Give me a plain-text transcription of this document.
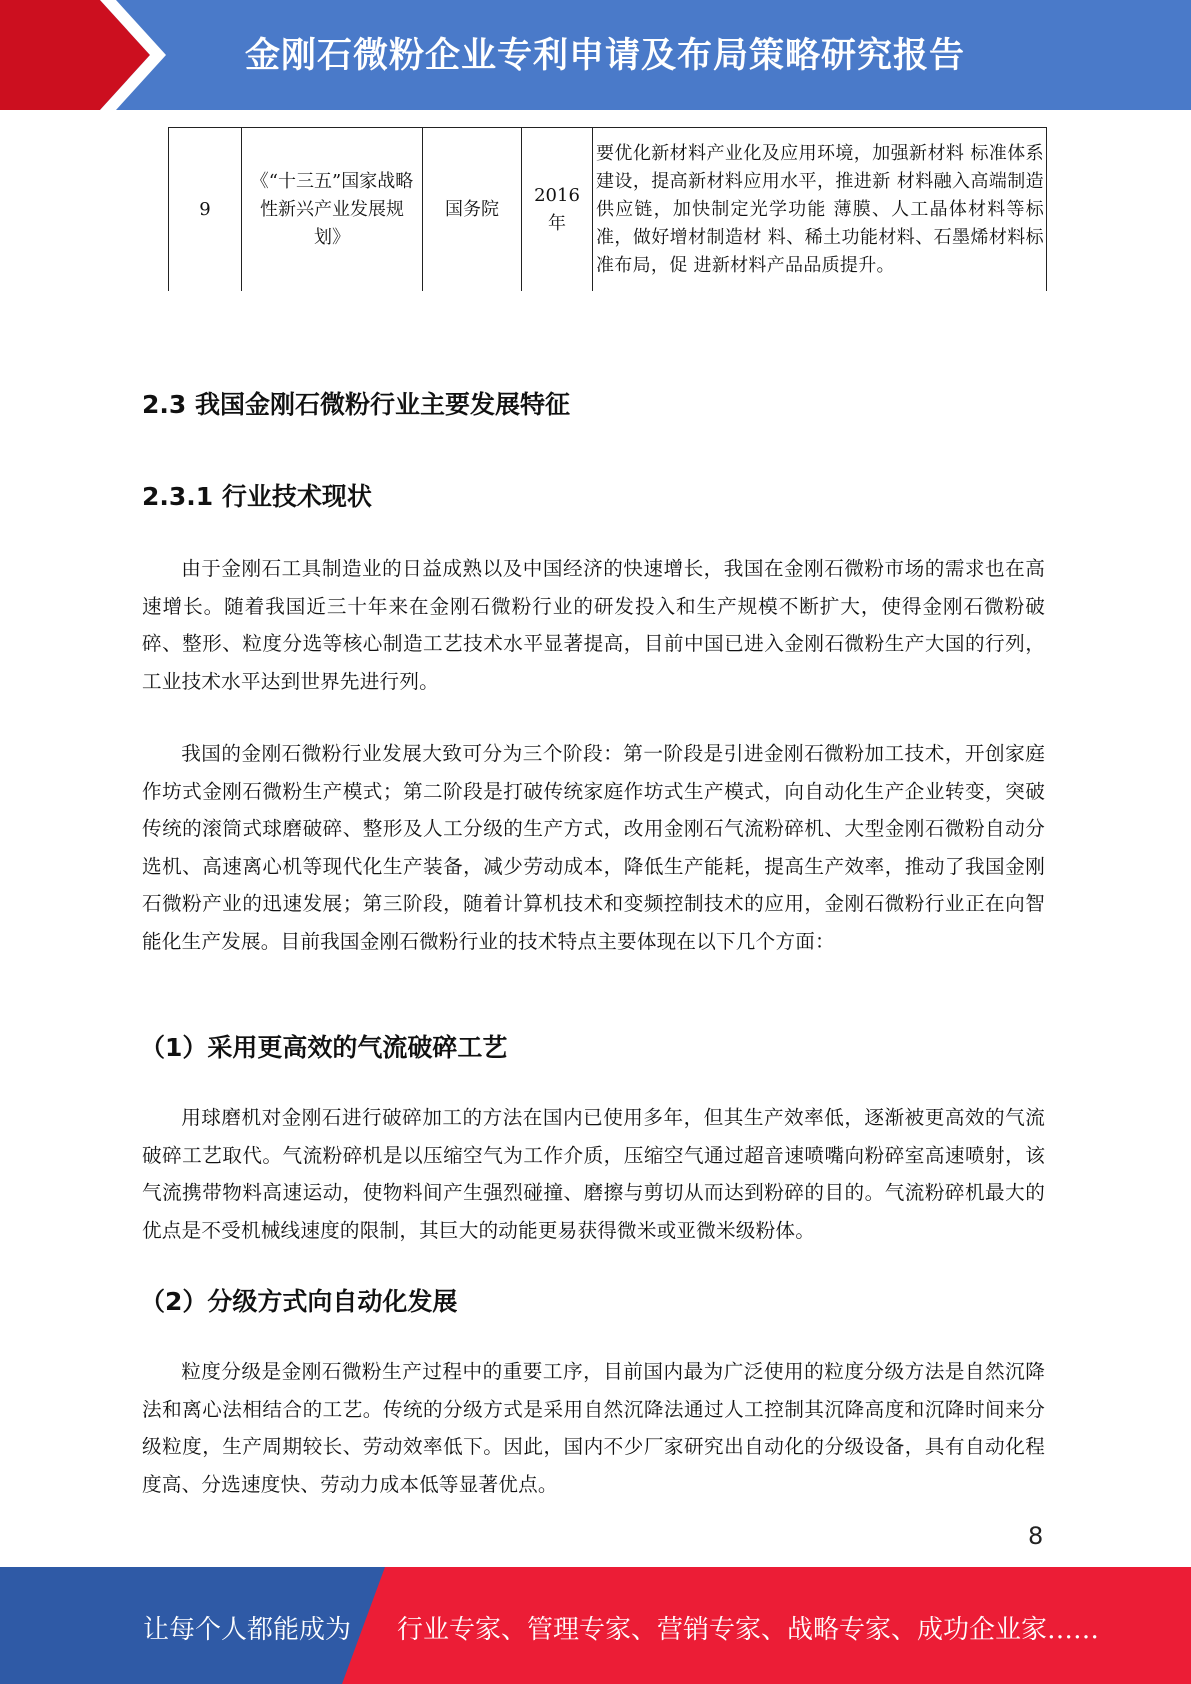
金刚石微粉企业专利申请及布局策略研究报告
9	《“十三五”国家战略性新兴产业发展规划》	国务院	2016年	要优化新材料产业化及应用环境，加强新材料 标准体系建设，提高新材料应用水平，推进新 材料融入高端制造供应链，加快制定光学功能 薄膜、人工晶体材料等标准，做好增材制造材 料、稀土功能材料、石墨烯材料标准布局，促 进新材料产品品质提升。
2.3 我国金刚石微粉行业主要发展特征
2.3.1 行业技术现状

由于金刚石工具制造业的日益成熟以及中国经济的快速增长，我国在金刚石微粉市场的需求也在高速增长。随着我国近三十年来在金刚石微粉行业的研发投入和生产规模不断扩大，使得金刚石微粉破碎、整形、粒度分选等核心制造工艺技术水平显著提高，目前中国已进入金刚石微粉生产大国的行列，工业技术水平达到世界先进行列。

我国的金刚石微粉行业发展大致可分为三个阶段：第一阶段是引进金刚石微粉加工技术，开创家庭作坊式金刚石微粉生产模式；第二阶段是打破传统家庭作坊式生产模式，向自动化生产企业转变，突破传统的滚筒式球磨破碎、整形及人工分级的生产方式，改用金刚石气流粉碎机、大型金刚石微粉自动分选机、高速离心机等现代化生产装备，减少劳动成本，降低生产能耗，提高生产效率，推动了我国金刚石微粉产业的迅速发展；第三阶段，随着计算机技术和变频控制技术的应用，金刚石微粉行业正在向智能化生产发展。目前我国金刚石微粉行业的技术特点主要体现在以下几个方面：

（1）采用更高效的气流破碎工艺

用球磨机对金刚石进行破碎加工的方法在国内已使用多年，但其生产效率低，逐渐被更高效的气流破碎工艺取代。气流粉碎机是以压缩空气为工作介质，压缩空气通过超音速喷嘴向粉碎室高速喷射，该气流携带物料高速运动，使物料间产生强烈碰撞、磨擦与剪切从而达到粉碎的目的。气流粉碎机最大的优点是不受机械线速度的限制，其巨大的动能更易获得微米或亚微米级粉体。

（2）分级方式向自动化发展

粒度分级是金刚石微粉生产过程中的重要工序，目前国内最为广泛使用的粒度分级方法是自然沉降法和离心法相结合的工艺。传统的分级方式是采用自然沉降法通过人工控制其沉降高度和沉降时间来分级粒度，生产周期较长、劳动效率低下。因此，国内不少厂家研究出自动化的分级设备，具有自动化程度高、分选速度快、劳动力成本低等显著优点。

8
让每个人都能成为 行业专家、管理专家、营销专家、战略专家、成功企业家……
